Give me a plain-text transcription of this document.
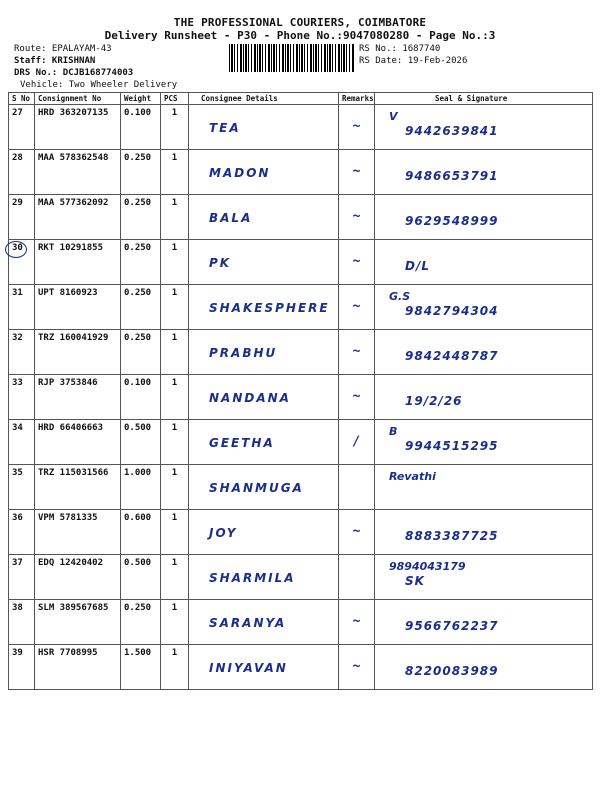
THE PROFESSIONAL COURIERS, COIMBATORE
Delivery Runsheet - P30 - Phone No.:9047080280 - Page No.:3
Route: EPALAYAM-43
Staff: KRISHNAN
DRS No.: DCJB168774003
Vehicle: Two Wheeler Delivery
RS No.: 1687740
RS Date: 19-Feb-2026
S No	Consignment No	Weight	PCS	Consignee Details	Remarks	Seal & Signature
27	HRD 363207135	0.100	1	TEA	~	V
9442639841

28	MAA 578362548	0.250	1	MADON	~	9486653791

29	MAA 577362092	0.250	1	BALA	~	9629548999

30	RKT 10291855	0.250	1	PK	~	D/L

31	UPT 8160923	0.250	1	SHAKESPHERE	~	G.S
9842794304

32	TRZ 160041929	0.250	1	PRABHU	~	9842448787

33	RJP 3753846	0.100	1	NANDANA	~	19/2/26

34	HRD 66406663	0.500	1	GEETHA	/	B
9944515295

35	TRZ 115031566	1.000	1	SHANMUGA		Revathi

36	VPM 5781335	0.600	1	JOY	~	8883387725

37	EDQ 12420402	0.500	1	SHARMILA		9894043179
SK

38	SLM 389567685	0.250	1	SARANYA	~	9566762237

39	HSR 7708995	1.500	1	INIYAVAN	~	8220083989
